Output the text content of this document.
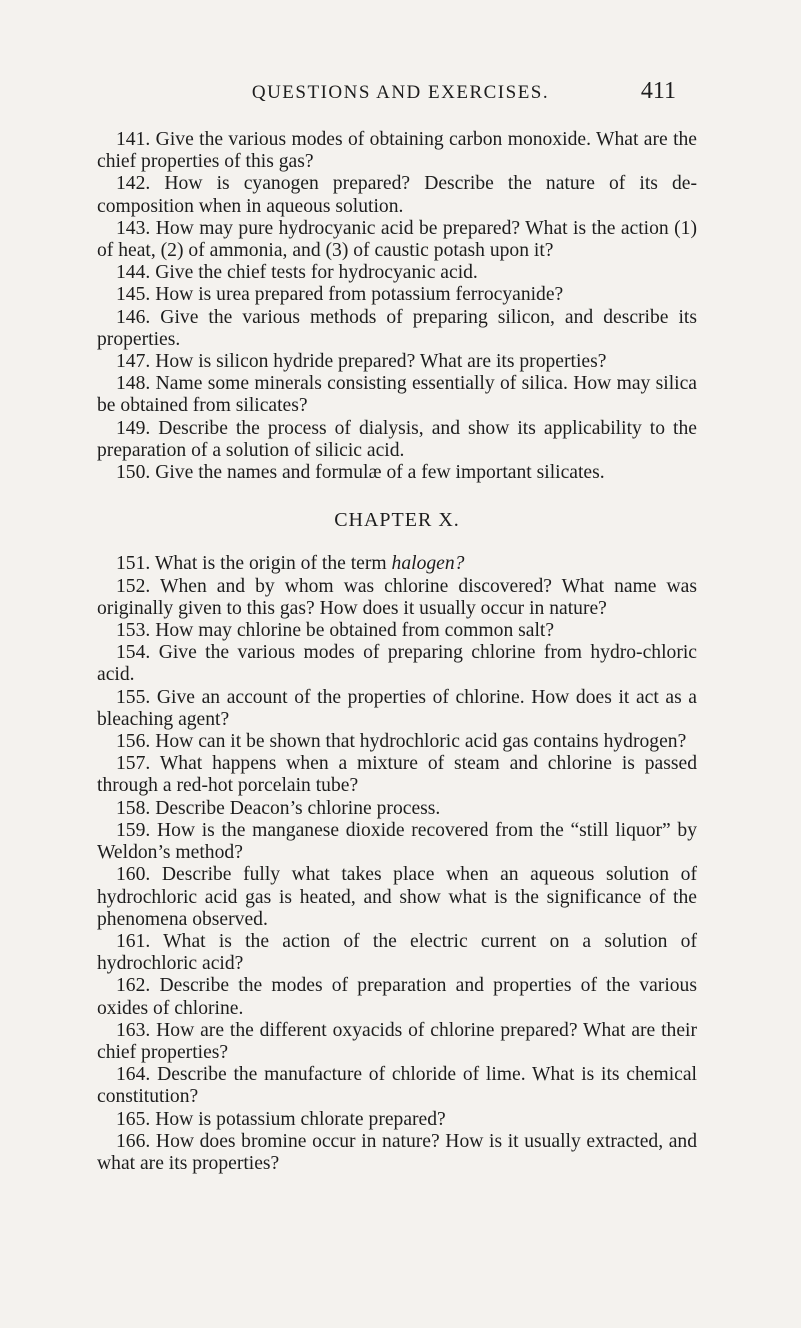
QUESTIONS AND EXERCISES.	411

141. Give the various modes of obtaining carbon monoxide. What are the chief properties of this gas?

142. How is cyanogen prepared? Describe the nature of its de-composition when in aqueous solution.

143. How may pure hydrocyanic acid be prepared? What is the action (1) of heat, (2) of ammonia, and (3) of caustic potash upon it?

144. Give the chief tests for hydrocyanic acid.

145. How is urea prepared from potassium ferrocyanide?

146. Give the various methods of preparing silicon, and describe its properties.

147. How is silicon hydride prepared? What are its properties?

148. Name some minerals consisting essentially of silica. How may silica be obtained from silicates?

149. Describe the process of dialysis, and show its applicability to the preparation of a solution of silicic acid.

150. Give the names and formulæ of a few important silicates.

CHAPTER X.

151. What is the origin of the term halogen?

152. When and by whom was chlorine discovered? What name was originally given to this gas? How does it usually occur in nature?

153. How may chlorine be obtained from common salt?

154. Give the various modes of preparing chlorine from hydro-chloric acid.

155. Give an account of the properties of chlorine. How does it act as a bleaching agent?

156. How can it be shown that hydrochloric acid gas contains hydrogen?

157. What happens when a mixture of steam and chlorine is passed through a red-hot porcelain tube?

158. Describe Deacon’s chlorine process.

159. How is the manganese dioxide recovered from the “still liquor” by Weldon’s method?

160. Describe fully what takes place when an aqueous solution of hydrochloric acid gas is heated, and show what is the significance of the phenomena observed.

161. What is the action of the electric current on a solution of hydrochloric acid?

162. Describe the modes of preparation and properties of the various oxides of chlorine.

163. How are the different oxyacids of chlorine prepared? What are their chief properties?

164. Describe the manufacture of chloride of lime. What is its chemical constitution?

165. How is potassium chlorate prepared?

166. How does bromine occur in nature? How is it usually extracted, and what are its properties?
